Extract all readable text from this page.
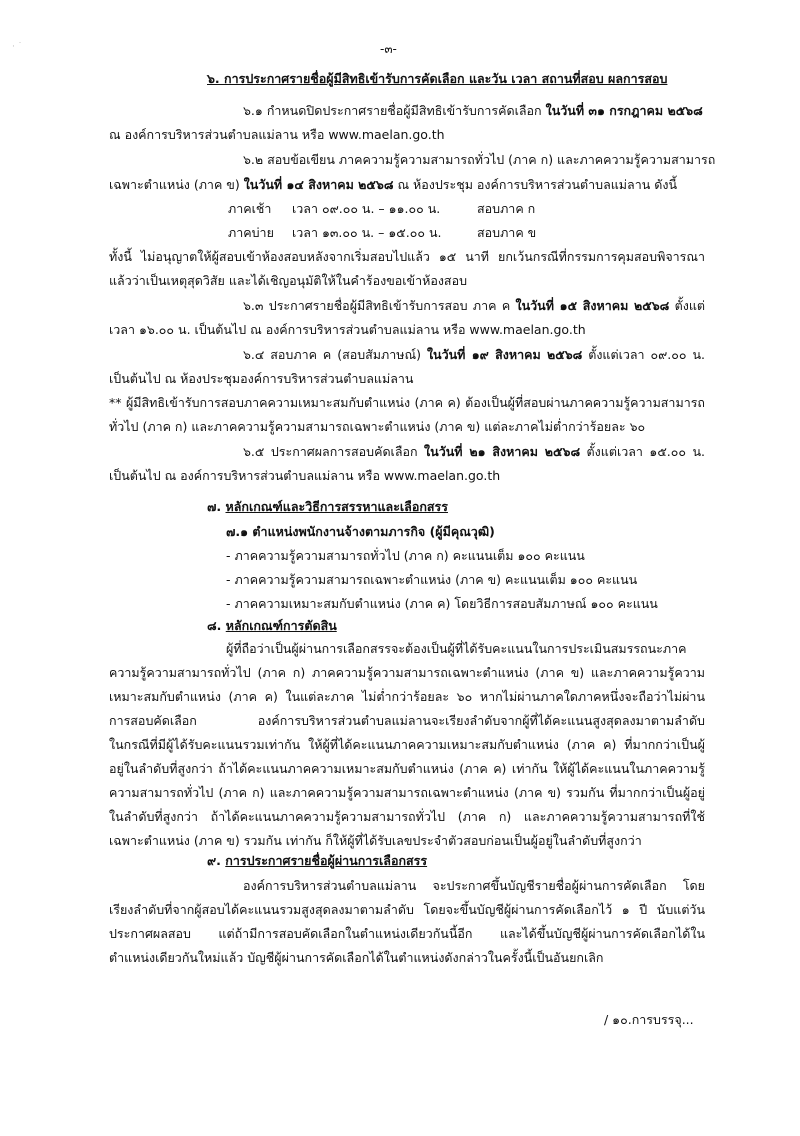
· ˙	-๓-
๖. การประกาศรายชื่อผู้มีสิทธิเข้ารับการคัดเลือก และวัน เวลา สถานที่สอบ ผลการสอบ
๖.๑ กำหนดปิดประกาศรายชื่อผู้มีสิทธิเข้ารับการคัดเลือก ในวันที่ ๓๑ กรกฎาคม ๒๕๖๘
ณ องค์การบริหารส่วนตำบลแม่ลาน หรือ www.maelan.go.th
๖.๒ สอบข้อเขียน ภาคความรู้ความสามารถทั่วไป (ภาค ก) และภาคความรู้ความสามารถ
เฉพาะตำแหน่ง (ภาค ข) ในวันที่ ๑๔ สิงหาคม ๒๕๖๘ ณ ห้องประชุม องค์การบริหารส่วนตำบลแม่ลาน ดังนี้
ภาคเช้า เวลา ๐๙.๐๐ น. – ๑๑.๐๐ น.	สอบภาค ก
ภาคบ่าย เวลา ๑๓.๐๐ น. – ๑๕.๐๐ น.	สอบภาค ข
ทั้งนี้ ไม่อนุญาตให้ผู้สอบเข้าห้องสอบหลังจากเริ่มสอบไปแล้ว ๑๕ นาที ยกเว้นกรณีที่กรรมการคุมสอบพิจารณา
แล้วว่าเป็นเหตุสุดวิสัย และได้เชิญอนุมัติให้ในคำร้องขอเข้าห้องสอบ
๖.๓ ประกาศรายชื่อผู้มีสิทธิเข้ารับการสอบ ภาค ค ในวันที่ ๑๕ สิงหาคม ๒๕๖๘ ตั้งแต่
เวลา ๑๖.๐๐ น. เป็นต้นไป ณ องค์การบริหารส่วนตำบลแม่ลาน หรือ www.maelan.go.th
๖.๔ สอบภาค ค (สอบสัมภาษณ์) ในวันที่ ๑๙ สิงหาคม ๒๕๖๘ ตั้งแต่เวลา ๐๙.๐๐ น.
เป็นต้นไป ณ ห้องประชุมองค์การบริหารส่วนตำบลแม่ลาน
** ผู้มีสิทธิเข้ารับการสอบภาคความเหมาะสมกับตำแหน่ง (ภาค ค) ต้องเป็นผู้ที่สอบผ่านภาคความรู้ความสามารถ
ทั่วไป (ภาค ก) และภาคความรู้ความสามารถเฉพาะตำแหน่ง (ภาค ข) แต่ละภาคไม่ต่ำกว่าร้อยละ ๖๐
๖.๕ ประกาศผลการสอบคัดเลือก ในวันที่ ๒๑ สิงหาคม ๒๕๖๘ ตั้งแต่เวลา ๑๕.๐๐ น.
เป็นต้นไป ณ องค์การบริหารส่วนตำบลแม่ลาน หรือ www.maelan.go.th
๗. หลักเกณฑ์และวิธีการสรรหาและเลือกสรร
๗.๑ ตำแหน่งพนักงานจ้างตามภารกิจ (ผู้มีคุณวุฒิ)
- ภาคความรู้ความสามารถทั่วไป (ภาค ก) คะแนนเต็ม ๑๐๐ คะแนน
- ภาคความรู้ความสามารถเฉพาะตำแหน่ง (ภาค ข) คะแนนเต็ม ๑๐๐ คะแนน
- ภาคความเหมาะสมกับตำแหน่ง (ภาค ค) โดยวิธีการสอบสัมภาษณ์ ๑๐๐ คะแนน
๘. หลักเกณฑ์การตัดสิน
ผู้ที่ถือว่าเป็นผู้ผ่านการเลือกสรรจะต้องเป็นผู้ที่ได้รับคะแนนในการประเมินสมรรถนะภาค
ความรู้ความสามารถทั่วไป (ภาค ก) ภาคความรู้ความสามารถเฉพาะตำแหน่ง (ภาค ข) และภาคความรู้ความ
เหมาะสมกับตำแหน่ง (ภาค ค) ในแต่ละภาค ไม่ต่ำกว่าร้อยละ ๖๐ หากไม่ผ่านภาคใดภาคหนึ่งจะถือว่าไม่ผ่าน
การสอบคัดเลือก องค์การบริหารส่วนตำบลแม่ลานจะเรียงลำดับจากผู้ที่ได้คะแนนสูงสุดลงมาตามลำดับ
ในกรณีที่มีผู้ได้รับคะแนนรวมเท่ากัน ให้ผู้ที่ได้คะแนนภาคความเหมาะสมกับตำแหน่ง (ภาค ค) ที่มากกว่าเป็นผู้
อยู่ในลำดับที่สูงกว่า ถ้าได้คะแนนภาคความเหมาะสมกับตำแหน่ง (ภาค ค) เท่ากัน ให้ผู้ได้คะแนนในภาคความรู้
ความสามารถทั่วไป (ภาค ก) และภาคความรู้ความสามารถเฉพาะตำแหน่ง (ภาค ข) รวมกัน ที่มากกว่าเป็นผู้อยู่
ในลำดับที่สูงกว่า ถ้าได้คะแนนภาคความรู้ความสามารถทั่วไป (ภาค ก) และภาคความรู้ความสามารถที่ใช้
เฉพาะตำแหน่ง (ภาค ข) รวมกัน เท่ากัน ก็ให้ผู้ที่ได้รับเลขประจำตัวสอบก่อนเป็นผู้อยู่ในลำดับที่สูงกว่า
๙. การประกาศรายชื่อผู้ผ่านการเลือกสรร
องค์การบริหารส่วนตำบลแม่ลาน จะประกาศขึ้นบัญชีรายชื่อผู้ผ่านการคัดเลือก โดย
เรียงลำดับที่จากผู้สอบได้คะแนนรวมสูงสุดลงมาตามลำดับ โดยจะขึ้นบัญชีผู้ผ่านการคัดเลือกไว้ ๑ ปี นับแต่วัน
ประกาศผลสอบ แต่ถ้ามีการสอบคัดเลือกในตำแหน่งเดียวกันนี้อีก และได้ขึ้นบัญชีผู้ผ่านการคัดเลือกได้ใน
ตำแหน่งเดียวกันใหม่แล้ว บัญชีผู้ผ่านการคัดเลือกได้ในตำแหน่งดังกล่าวในครั้งนี้เป็นอันยกเลิก
/ ๑๐.การบรรจุ...
